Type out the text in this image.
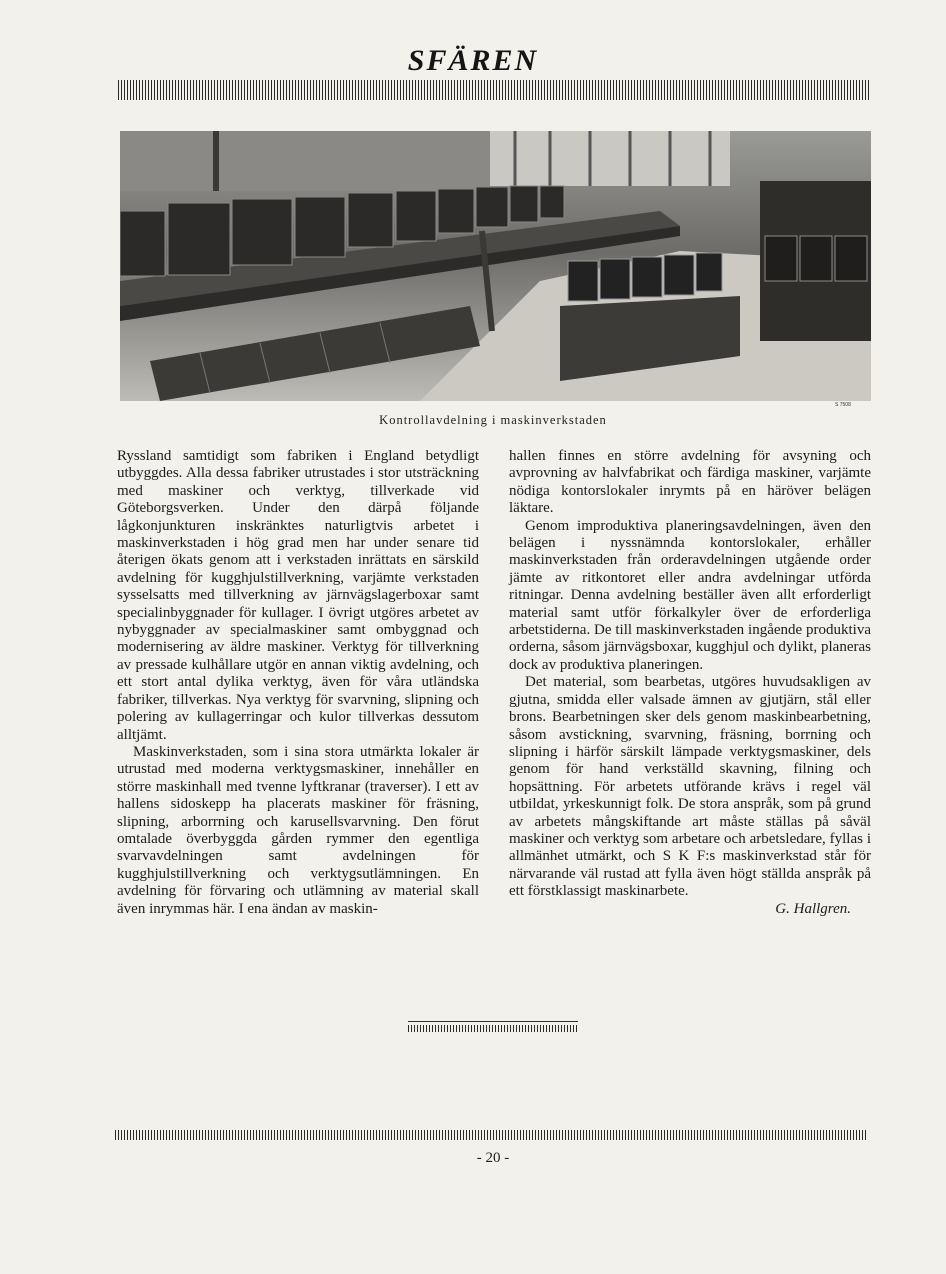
SFÄREN
S 7508
Kontrollavdelning i maskinverkstaden

Ryssland samtidigt som fabriken i England betydligt utbyggdes. Alla dessa fabriker utrustades i stor utsträckning med maskiner och verktyg, tillverkade vid Göteborgsverken. Under den därpå följande lågkonjunkturen inskränktes naturligtvis arbetet i maskinverkstaden i hög grad men har under senare tid återigen ökats genom att i verkstaden inrättats en särskild avdelning för kugghjulstillverkning, varjämte verkstaden sysselsatts med tillverkning av järnvägslagerboxar samt specialinbyggnader för kullager. I övrigt utgöres arbetet av nybyggnader av specialmaskiner samt ombyggnad och modernisering av äldre maskiner. Verktyg för tillverkning av pressade kulhållare utgör en annan viktig avdelning, och ett stort antal dylika verktyg, även för våra utländska fabriker, tillverkas. Nya verktyg för svarvning, slipning och polering av kullagerringar och kulor tillverkas dessutom alltjämt.

Maskinverkstaden, som i sina stora utmärkta lokaler är utrustad med moderna verktygsmaskiner, innehåller en större maskinhall med tvenne lyftkranar (traverser). I ett av hallens sidoskepp ha placerats maskiner för fräsning, slipning, arborrning och karusellsvarvning. Den förut omtalade överbyggda gården rymmer den egentliga svarvavdelningen samt avdelningen för kugghjulstillverkning och verktygsutlämningen. En avdelning för förvaring och utlämning av material skall även inrymmas här. I ena ändan av maskin-

hallen finnes en större avdelning för avsyning och avprovning av halvfabrikat och färdiga maskiner, varjämte nödiga kontorslokaler inrymts på en häröver belägen läktare.

Genom improduktiva planeringsavdelningen, även den belägen i nyssnämnda kontorslokaler, erhåller maskinverkstaden från orderavdelningen utgående order jämte av ritkontoret eller andra avdelningar utförda ritningar. Denna avdelning beställer även allt erforderligt material samt utför förkalkyler över de erforderliga arbetstiderna. De till maskinverkstaden ingående produktiva orderna, såsom järnvägsboxar, kugghjul och dylikt, planeras dock av produktiva planeringen.

Det material, som bearbetas, utgöres huvudsakligen av gjutna, smidda eller valsade ämnen av gjutjärn, stål eller brons. Bearbetningen sker dels genom maskinbearbetning, såsom avstickning, svarvning, fräsning, borrning och slipning i härför särskilt lämpade verktygsmaskiner, dels genom för hand verkställd skavning, filning och hopsättning. För arbetets utförande krävs i regel väl utbildat, yrkeskunnigt folk. De stora anspråk, som på grund av arbetets mångskiftande art måste ställas på såväl maskiner och verktyg som arbetare och arbetsledare, fyllas i allmänhet utmärkt, och S K F:s maskinverkstad står för närvarande väl rustad att fylla även högt ställda anspråk på ett förstklassigt maskinarbete.

G. Hallgren.

- 20 -
